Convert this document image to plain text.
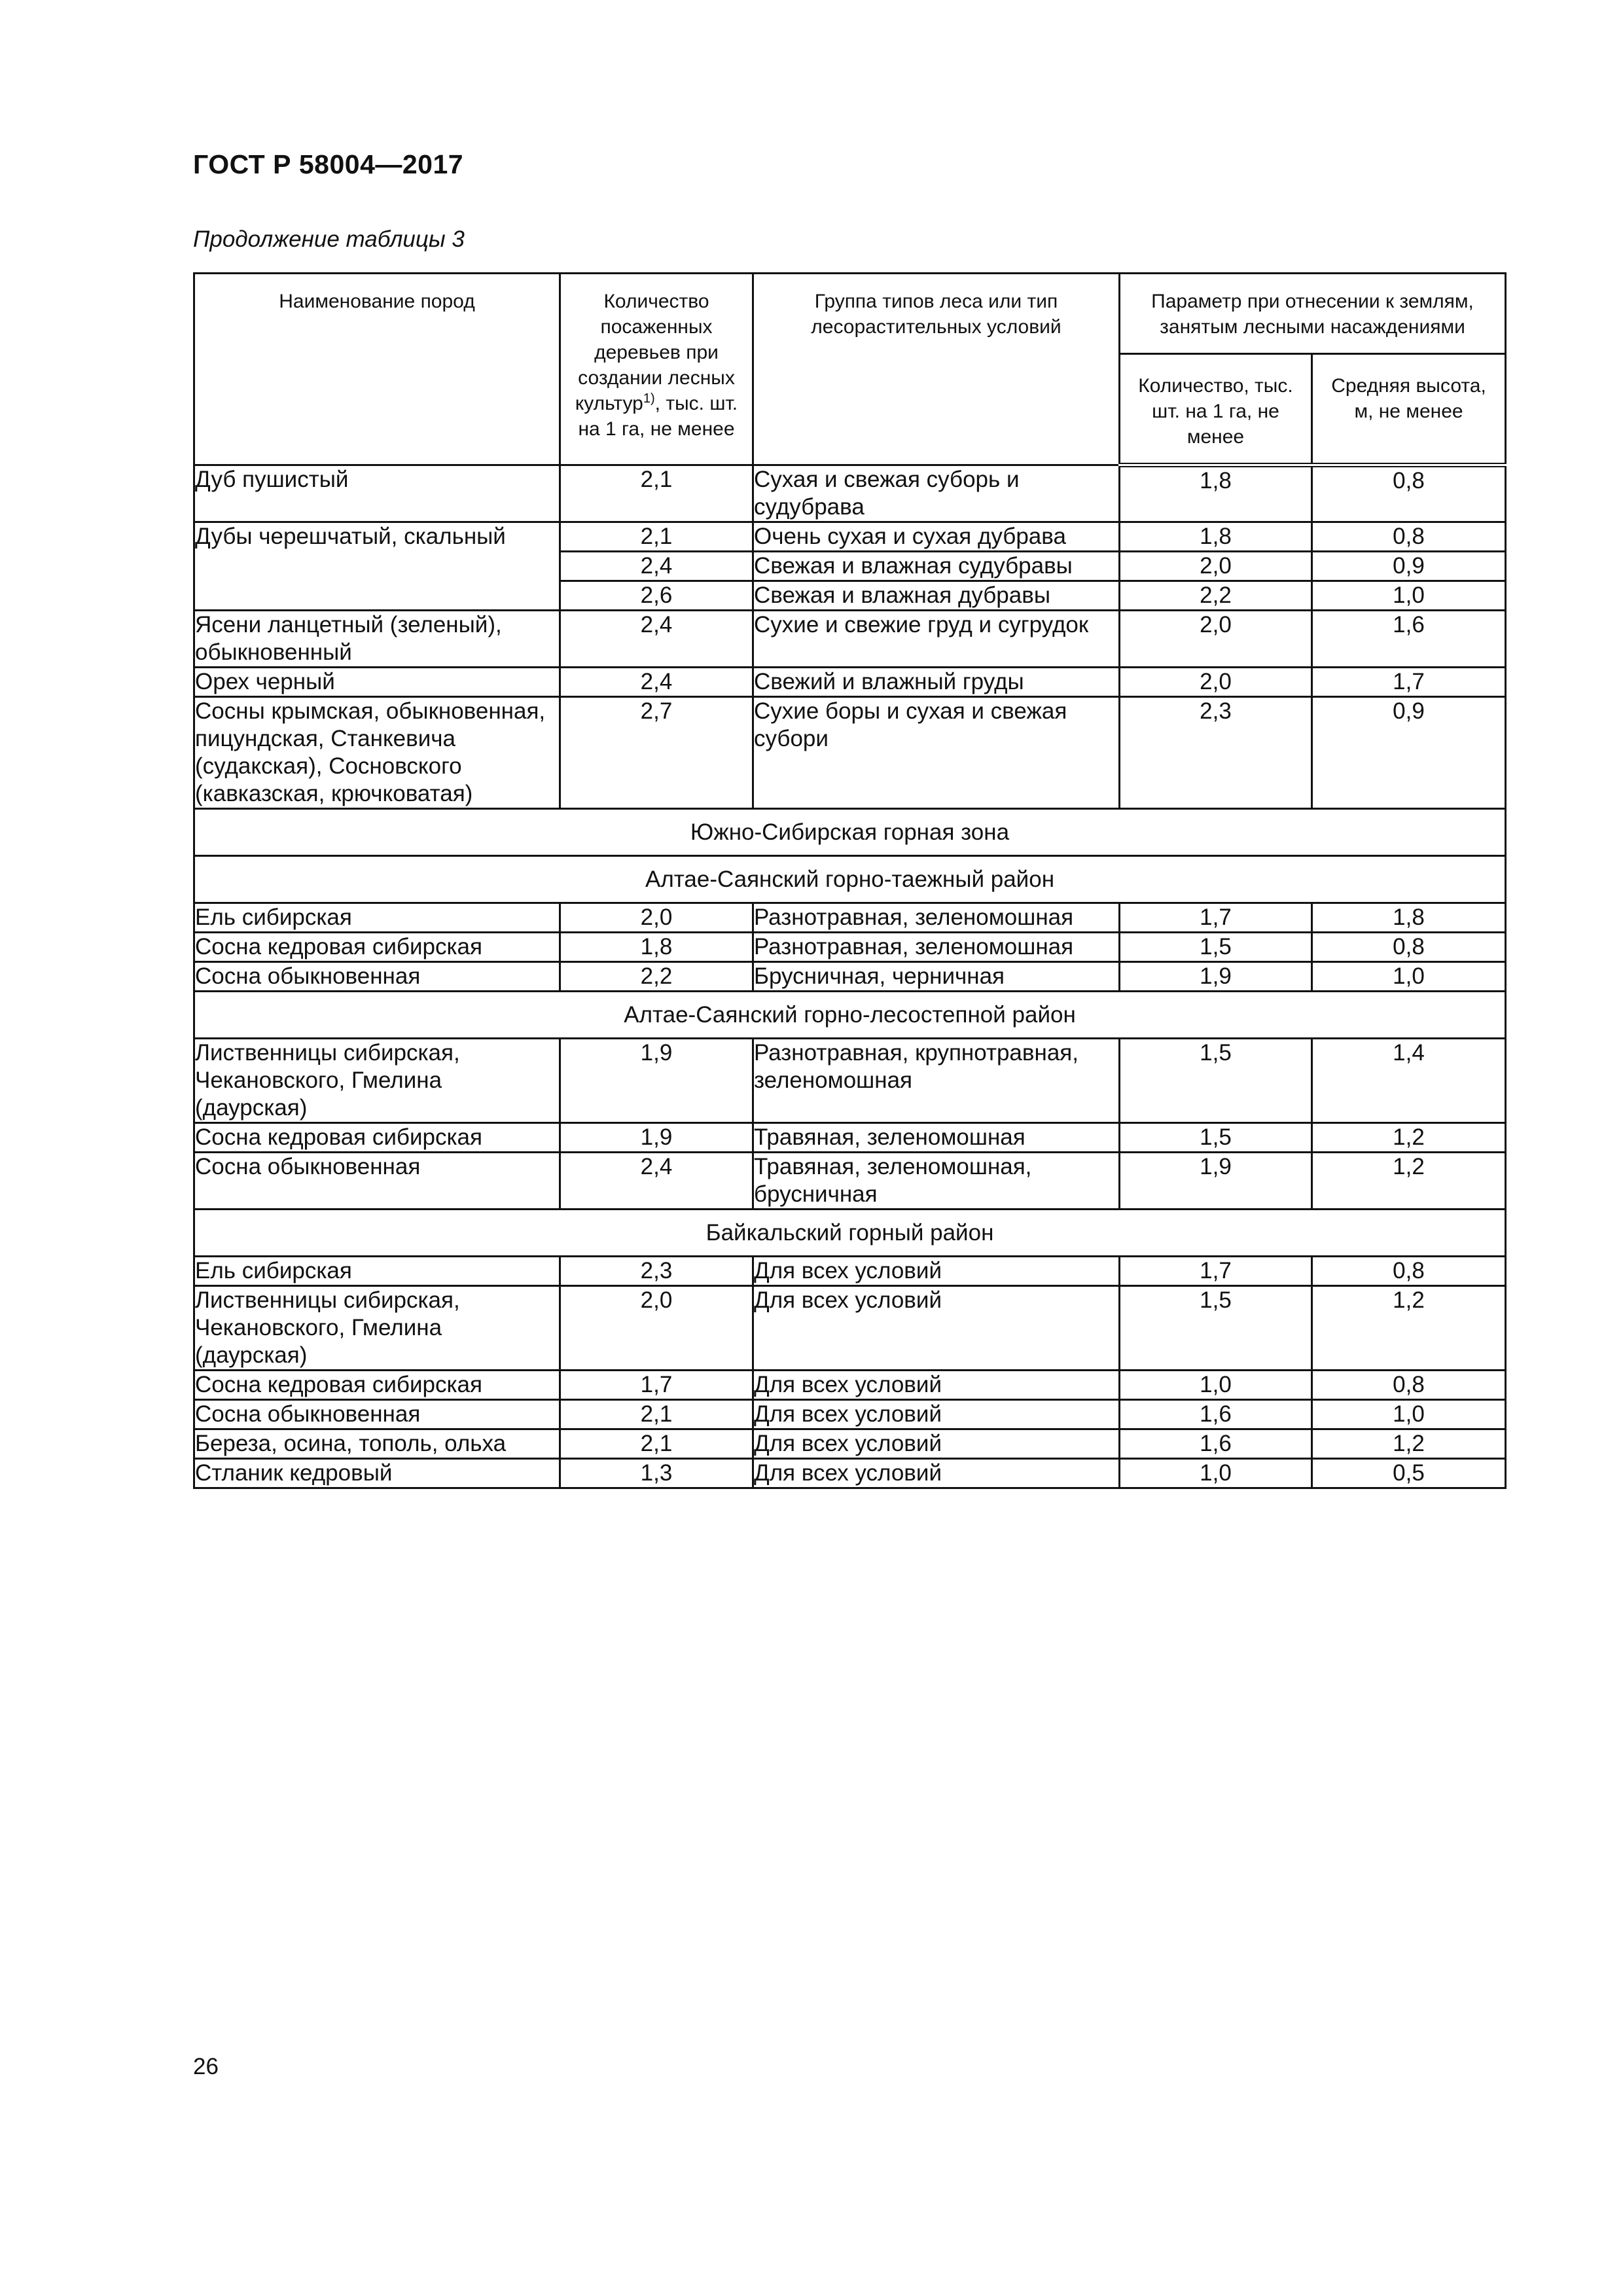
ГОСТ Р 58004—2017
Продолжение таблицы 3
Наименование пород	Количество посаженных деревьев при создании лесных культур$^{1)}$, тыс. шт. на 1 га, не менее	Группа типов леса или тип лесорастительных условий	Параметр при отнесении к землям, занятым лесными насаждениями	
			Количество, тыс. шт. на 1 га, не менее	Средняя высота, м, не менее
Дуб пушистый	2,1	Сухая и свежая суборь и судубрава	1,8	0,8
Дубы черешчатый, скальный	2,1	Очень сухая и сухая дубрава	1,8	0,8
	2,4	Свежая и влажная судубравы	2,0	0,9
	2,6	Свежая и влажная дубравы	2,2	1,0
Ясени ланцетный (зеленый), обыкновенный	2,4	Сухие и свежие груд и сугрудок	2,0	1,6
Орех черный	2,4	Свежий и влажный груды	2,0	1,7
Сосны крымская, обыкновенная, пицундская, Станкевича (судакская), Сосновского (кавказская, крючковатая)	2,7	Сухие боры и сухая и свежая субори	2,3	0,9
Южно-Сибирская горная зона				
Алтае-Саянский горно-таежный район				
Ель сибирская	2,0	Разнотравная, зеленомошная	1,7	1,8
Сосна кедровая сибирская	1,8	Разнотравная, зеленомошная	1,5	0,8
Сосна обыкновенная	2,2	Брусничная, черничная	1,9	1,0
Алтае-Саянский горно-лесостепной район				
Лиственницы сибирская, Чекановского, Гмелина (даурская)	1,9	Разнотравная, крупнотравная, зеленомошная	1,5	1,4
Сосна кедровая сибирская	1,9	Травяная, зеленомошная	1,5	1,2
Сосна обыкновенная	2,4	Травяная, зеленомошная, брусничная	1,9	1,2
Байкальский горный район				
Ель сибирская	2,3	Для всех условий	1,7	0,8
Лиственницы сибирская, Чекановского, Гмелина (даурская)	2,0	Для всех условий	1,5	1,2
Сосна кедровая сибирская	1,7	Для всех условий	1,0	0,8
Сосна обыкновенная	2,1	Для всех условий	1,6	1,0
Береза, осина, тополь, ольха	2,1	Для всех условий	1,6	1,2
Стланик кедровый	1,3	Для всех условий	1,0	0,5
26
